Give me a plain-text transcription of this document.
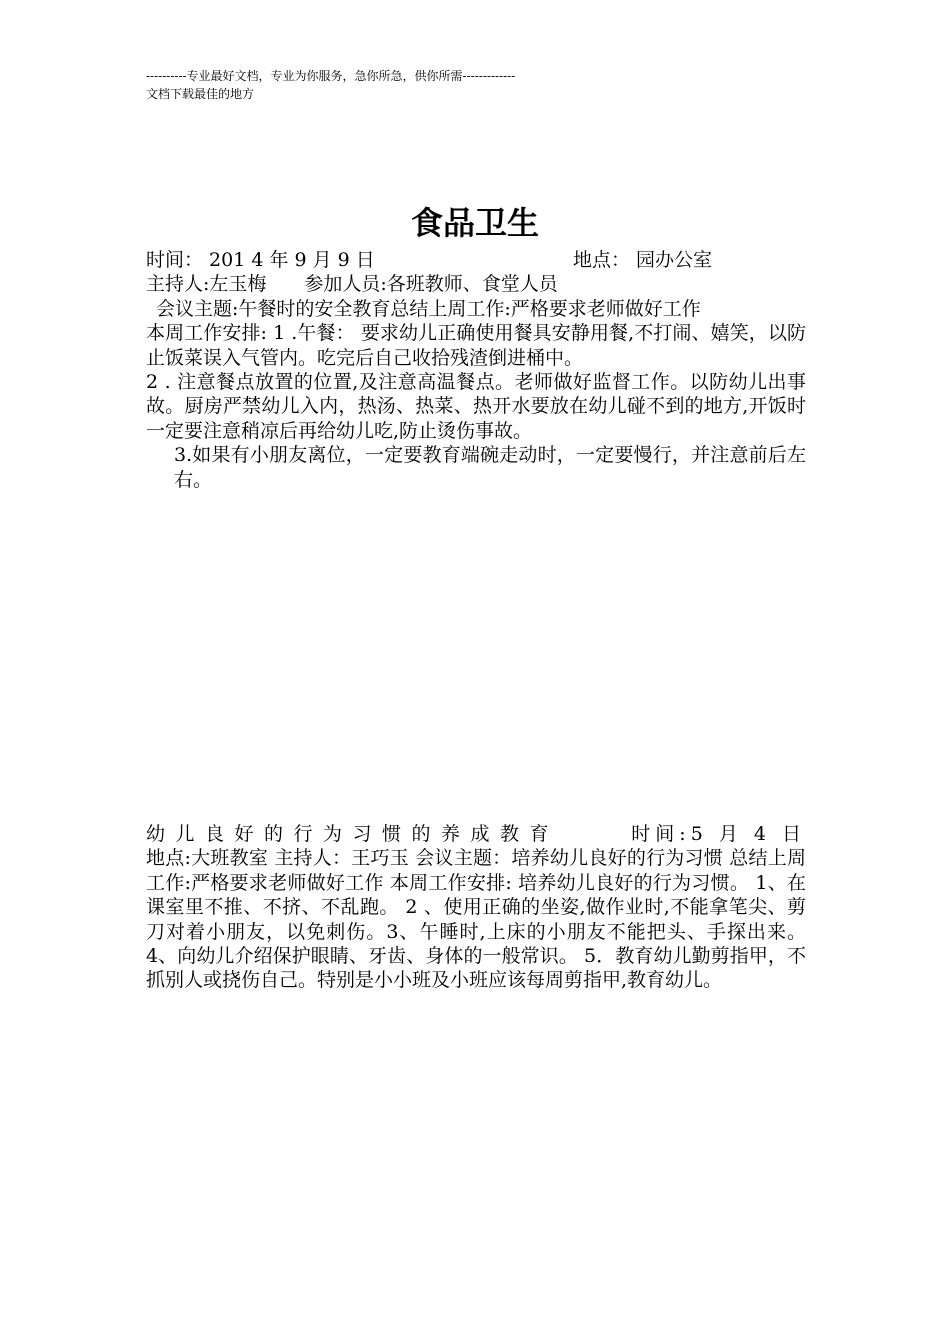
----------专业最好文档，专业为你服务，急你所急，供你所需-------------
文档下载最佳的地方
食品卫生
时间： 201 4 年 9 月 9 日	地点： 园办公室
主持人:左玉梅 参加人员:各班教师、食堂人员
会议主题:午餐时的安全教育总结上周工作:严格要求老师做好工作
本周工作安排: 1 .午餐： 要求幼儿正确使用餐具安静用餐,不打闹、嬉笑，以防止饭菜误入气管内。吃完后自己收拾残渣倒进桶中。
2 . 注意餐点放置的位置,及注意高温餐点。老师做好监督工作。以防幼儿出事故。厨房严禁幼儿入内，热汤、热菜、热开水要放在幼儿碰不到的地方,开饭时一定要注意稍凉后再给幼儿吃,防止烫伤事故。
3.如果有小朋友离位，一定要教育端碗走动时，一定要慢行，并注意前后左右。
幼儿良好的行为习惯的养成教育	时间:5 月 4 日
地点:大班教室 主持人：王巧玉 会议主题：培养幼儿良好的行为习惯 总结上周工作:严格要求老师做好工作 本周工作安排: 培养幼儿良好的行为习惯。 1、在课室里不推、不挤、不乱跑。 2 、使用正确的坐姿,做作业时,不能拿笔尖、剪刀对着小朋友，以免刺伤。3、午睡时,上床的小朋友不能把头、手探出来。 4、向幼儿介绍保护眼睛、牙齿、身体的一般常识。 5．教育幼儿勤剪指甲，不抓别人或挠伤自己。特别是小小班及小班应该每周剪指甲,教育幼儿。
